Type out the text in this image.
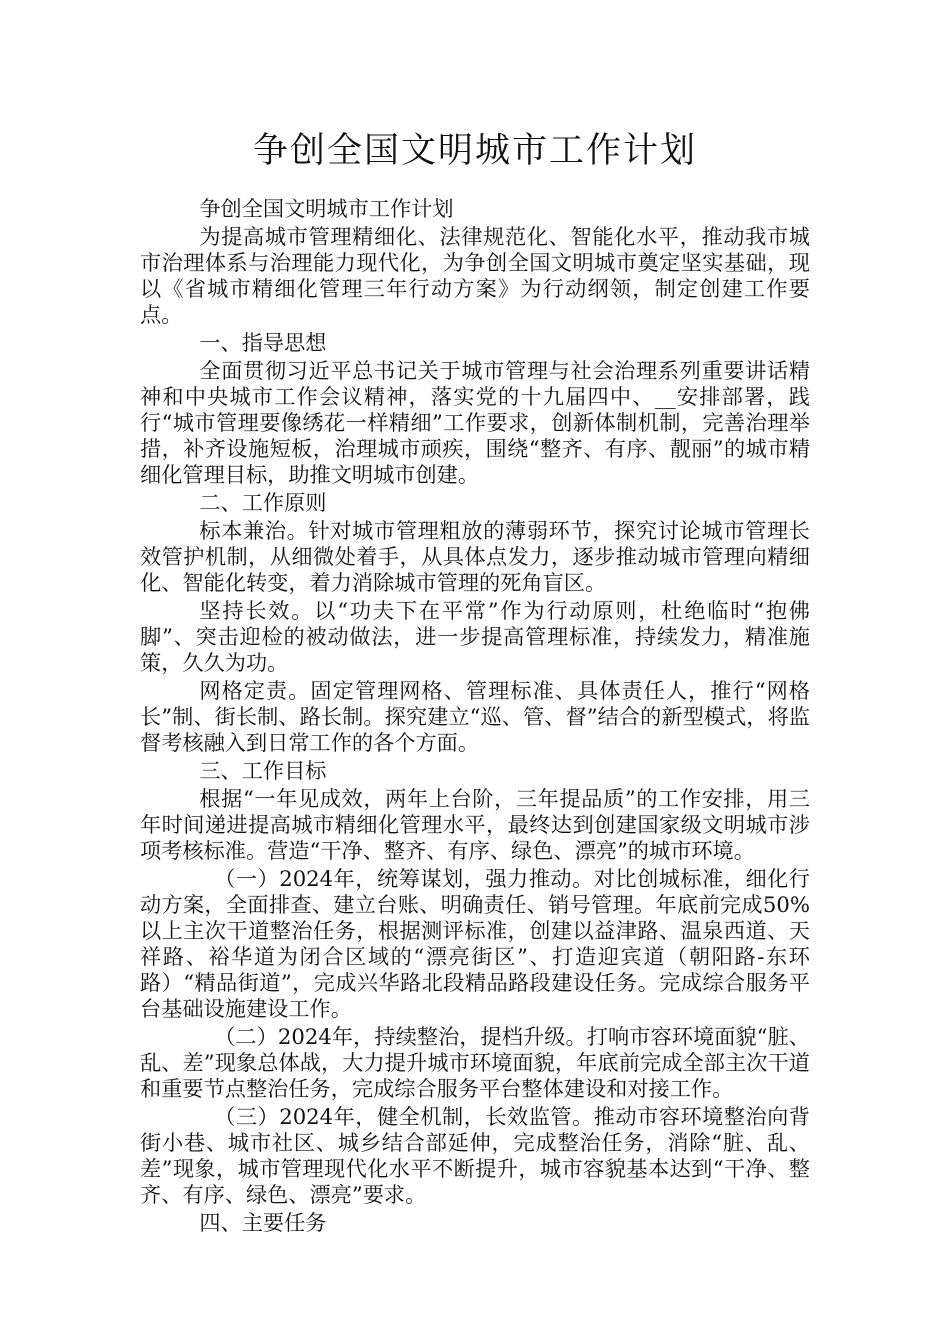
争创全国文明城市工作计划

争创全国文明城市工作计划

为提高城市管理精细化、法律规范化、智能化水平，推动我市城市治理体系与治理能力现代化，为争创全国文明城市奠定坚实基础，现以《省城市精细化管理三年行动方案》为行动纲领，制定创建工作要点。

一、指导思想

全面贯彻习近平总书记关于城市管理与社会治理系列重要讲话精神和中央城市工作会议精神，落实党的十九届四中、__安排部署，践行“城市管理要像绣花一样精细”工作要求，创新体制机制，完善治理举措，补齐设施短板，治理城市顽疾，围绕“整齐、有序、靓丽”的城市精细化管理目标，助推文明城市创建。

二、工作原则

标本兼治。针对城市管理粗放的薄弱环节，探究讨论城市管理长效管护机制，从细微处着手，从具体点发力，逐步推动城市管理向精细化、智能化转变，着力消除城市管理的死角盲区。

坚持长效。以“功夫下在平常”作为行动原则，杜绝临时“抱佛脚”、突击迎检的被动做法，进一步提高管理标准，持续发力，精准施策，久久为功。

网格定责。固定管理网格、管理标准、具体责任人，推行“网格长”制、街长制、路长制。探究建立“巡、管、督”结合的新型模式，将监督考核融入到日常工作的各个方面。

三、工作目标

根据“一年见成效，两年上台阶，三年提品质”的工作安排，用三年时间递进提高城市精细化管理水平，最终达到创建国家级文明城市涉项考核标准。营造“干净、整齐、有序、绿色、漂亮”的城市环境。

（一）2024年，统筹谋划，强力推动。对比创城标准，细化行动方案，全面排查、建立台账、明确责任、销号管理。年底前完成50%以上主次干道整治任务，根据测评标准，创建以益津路、温泉西道、天祥路、裕华道为闭合区域的“漂亮街区”、打造迎宾道（朝阳路-东环路）“精品街道”，完成兴华路北段精品路段建设任务。完成综合服务平台基础设施建设工作。

（二）2024年，持续整治，提档升级。打响市容环境面貌“脏、乱、差”现象总体战，大力提升城市环境面貌，年底前完成全部主次干道和重要节点整治任务，完成综合服务平台整体建设和对接工作。

（三）2024年，健全机制，长效监管。推动市容环境整治向背街小巷、城市社区、城乡结合部延伸，完成整治任务，消除“脏、乱、差”现象，城市管理现代化水平不断提升，城市容貌基本达到“干净、整齐、有序、绿色、漂亮”要求。

四、主要任务
